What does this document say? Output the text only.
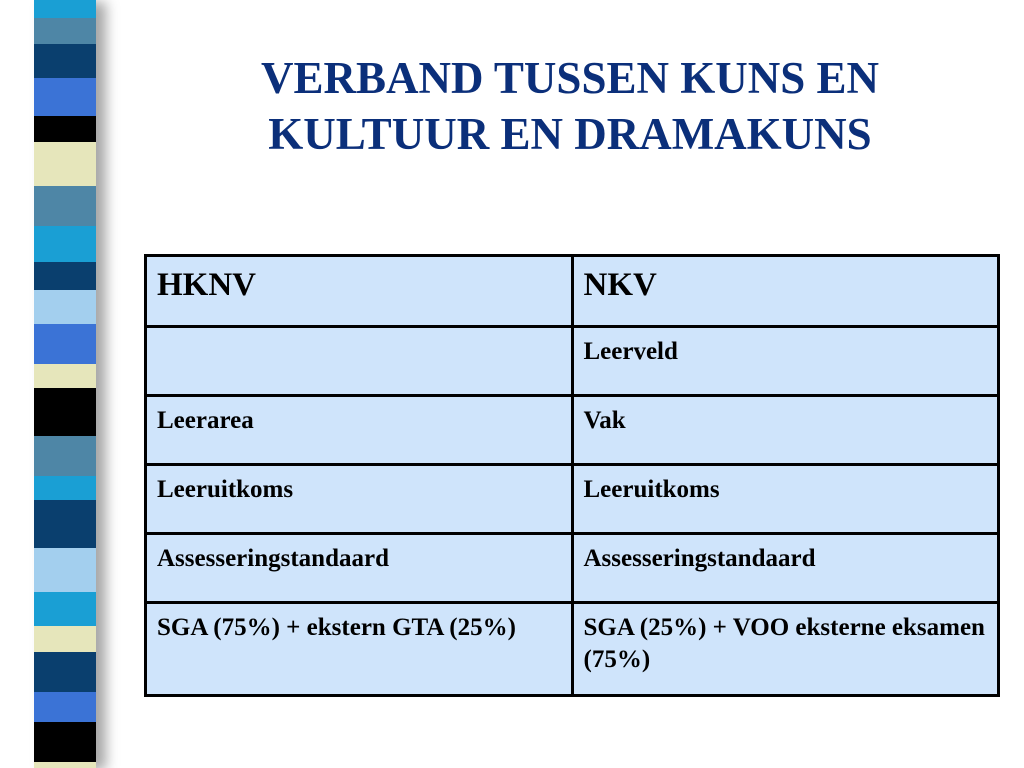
VERBAND TUSSEN KUNS EN
KULTUUR EN DRAMAKUNS
HKNV	NKV
	Leerveld
Leerarea	Vak
Leeruitkoms	Leeruitkoms
Assesseringstandaard	Assesseringstandaard
SGA (75%) + ekstern GTA (25%)	SGA (25%) + VOO eksterne eksamen (75%)
